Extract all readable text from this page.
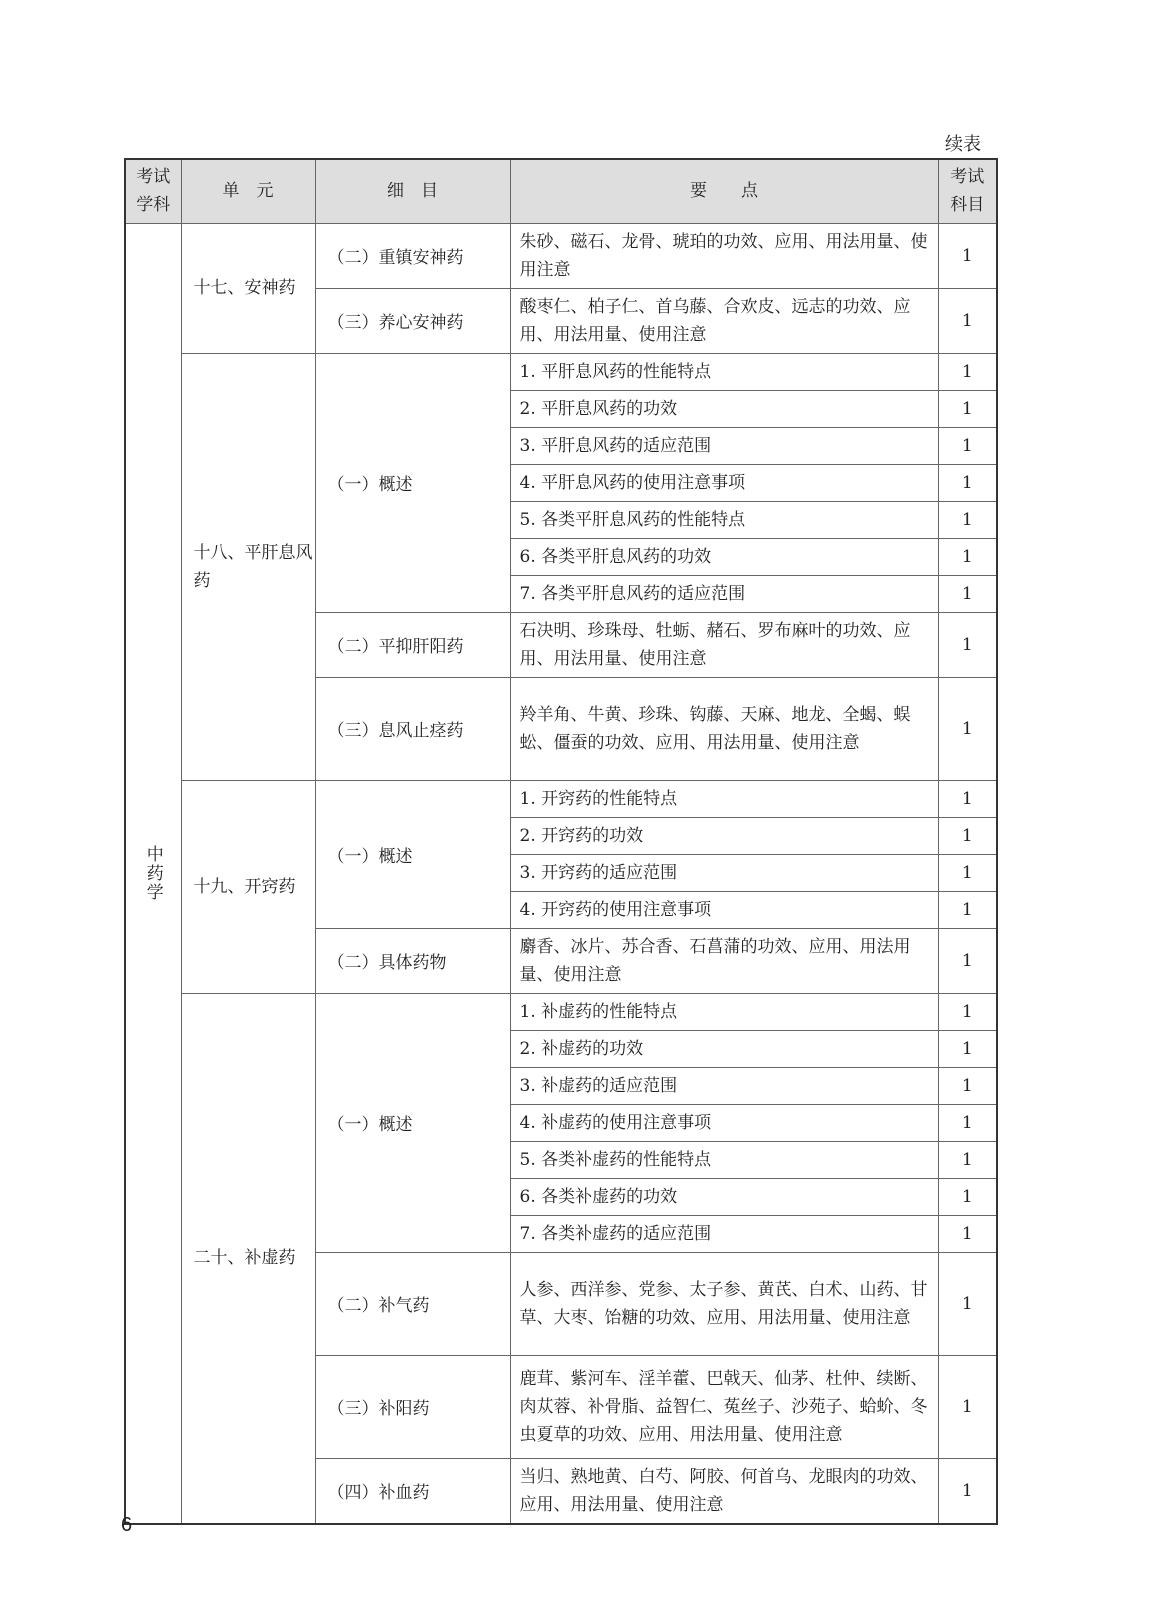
续表
考试学科	单　元	细　目	要　　点	考试科目
中药学	十七、安神药	（二）重镇安神药	朱砂、磁石、龙骨、琥珀的功效、应用、用法用量、使用注意	1
		（三）养心安神药	酸枣仁、柏子仁、首乌藤、合欢皮、远志的功效、应用、用法用量、使用注意	1
	十八、平肝息风药	（一）概述	1. 平肝息风药的性能特点	1
			2. 平肝息风药的功效	1
			3. 平肝息风药的适应范围	1
			4. 平肝息风药的使用注意事项	1
			5. 各类平肝息风药的性能特点	1
			6. 各类平肝息风药的功效	1
			7. 各类平肝息风药的适应范围	1
		（二）平抑肝阳药	石决明、珍珠母、牡蛎、赭石、罗布麻叶的功效、应用、用法用量、使用注意	1
		（三）息风止痉药	羚羊角、牛黄、珍珠、钩藤、天麻、地龙、全蝎、蜈蚣、僵蚕的功效、应用、用法用量、使用注意	1
	十九、开窍药	（一）概述	1. 开窍药的性能特点	1
			2. 开窍药的功效	1
			3. 开窍药的适应范围	1
			4. 开窍药的使用注意事项	1
		（二）具体药物	麝香、冰片、苏合香、石菖蒲的功效、应用、用法用量、使用注意	1
	二十、补虚药	（一）概述	1. 补虚药的性能特点	1
			2. 补虚药的功效	1
			3. 补虚药的适应范围	1
			4. 补虚药的使用注意事项	1
			5. 各类补虚药的性能特点	1
			6. 各类补虚药的功效	1
			7. 各类补虚药的适应范围	1
		（二）补气药	人参、西洋参、党参、太子参、黄芪、白术、山药、甘草、大枣、饴糖的功效、应用、用法用量、使用注意	1
		（三）补阳药	鹿茸、紫河车、淫羊藿、巴戟天、仙茅、杜仲、续断、肉苁蓉、补骨脂、益智仁、菟丝子、沙苑子、蛤蚧、冬虫夏草的功效、应用、用法用量、使用注意	1
		（四）补血药	当归、熟地黄、白芍、阿胶、何首乌、龙眼肉的功效、应用、用法用量、使用注意	1
6
